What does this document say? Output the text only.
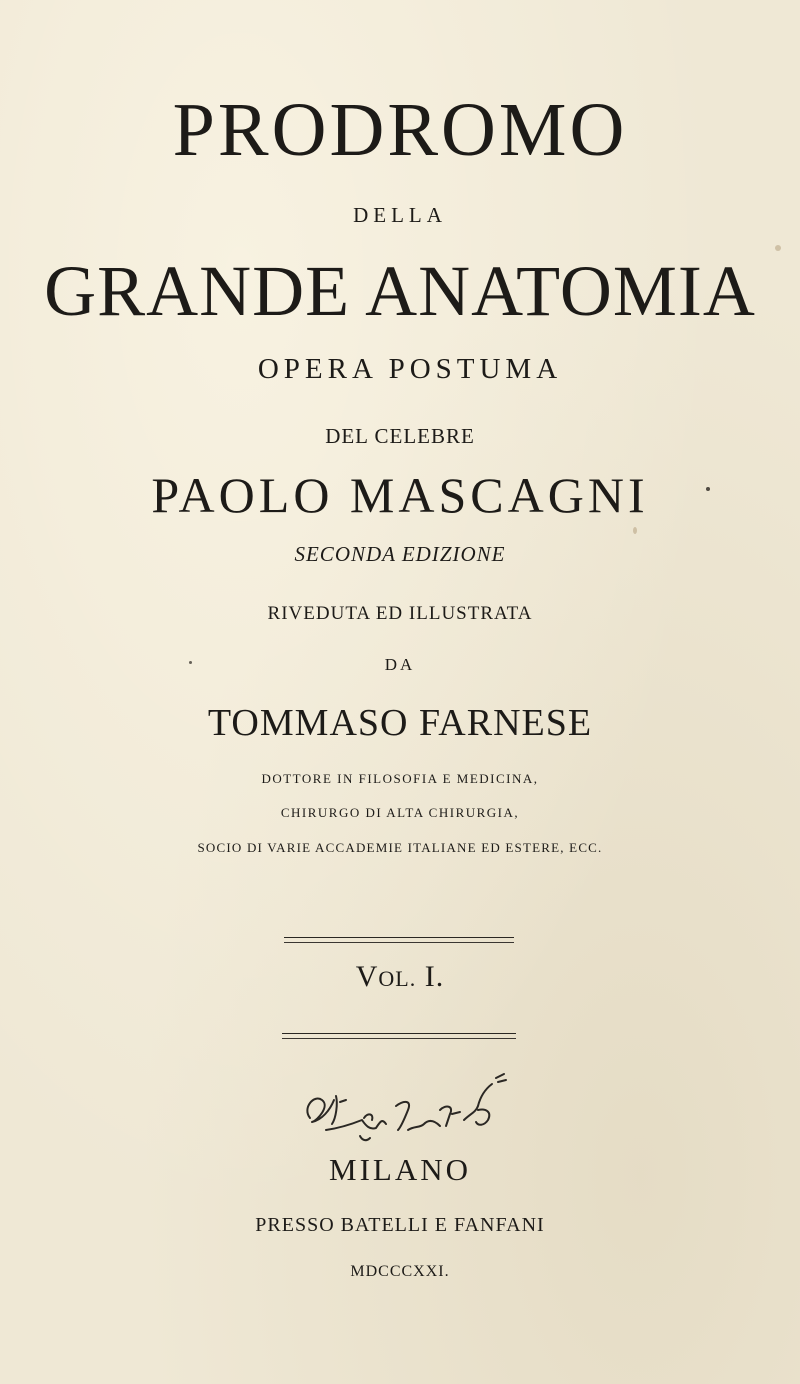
PRODROMO
DELLA
GRANDE ANATOMIA
OPERA POSTUMA
DEL CELEBRE
PAOLO MASCAGNI
SECONDA EDIZIONE
RIVEDUTA ED ILLUSTRATA
DA
TOMMASO FARNESE
DOTTORE IN FILOSOFIA E MEDICINA,
CHIRURGO DI ALTA CHIRURGIA,
SOCIO DI VARIE ACCADEMIE ITALIANE ED ESTERE, ECC.
VOL. I.
MILANO
PRESSO BATELLI E FANFANI
MDCCCXXI.
